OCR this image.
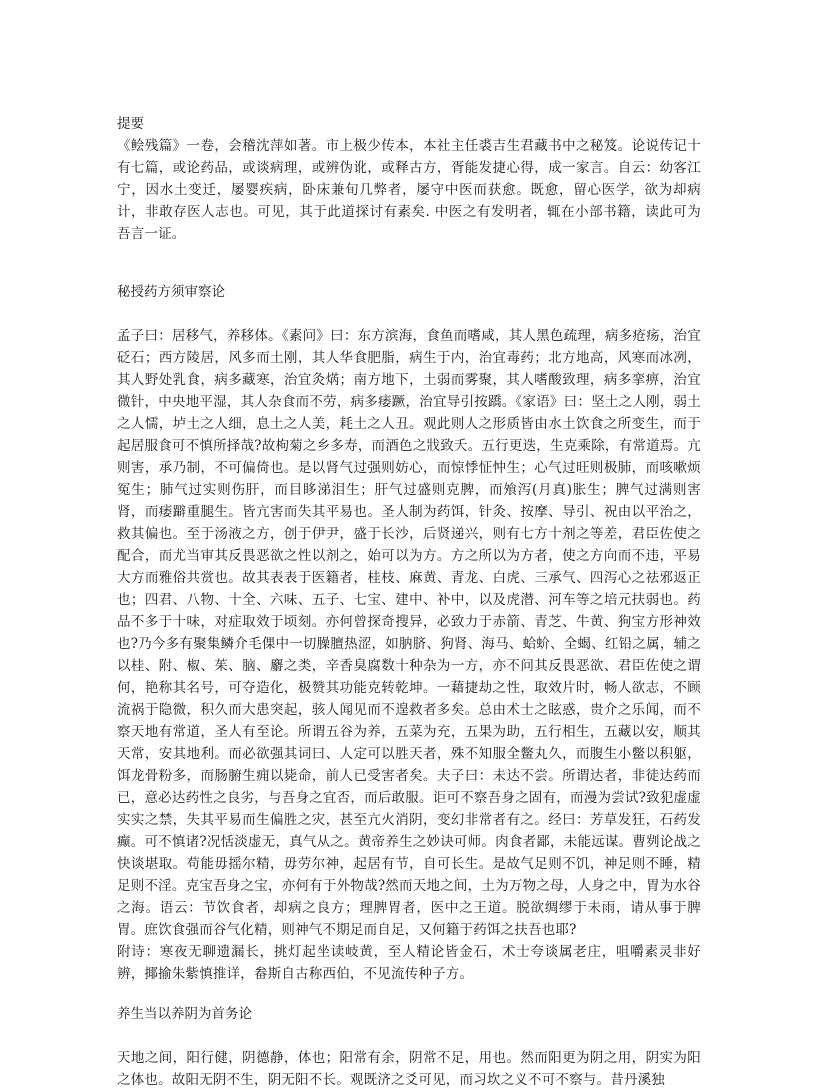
提要

《鲙残篇》一卷，会稽沈萍如著。市上极少传本，本社主任裘吉生君藏书中之秘笈。论说传记十有七篇，或论药品，或谈病理，或辨伪讹，或释古方，胥能发捷心得，成一家言。自云：幼客江宁，因水土变迁，屡婴疾病，卧床兼旬几弊者，屡守中医而获愈。既愈，留心医学，欲为却病计，非敢存医人志也。可见，其于此道探讨有素矣. 中医之有发明者，辄在小部书籍，读此可为吾言一证。

秘授药方须审察论

孟子曰：居移气，养移体。《素问》曰：东方滨海，食鱼而嗜咸，其人黑色疏理，病多疮疡，治宜砭石；西方陵居，风多而土刚，其人华食肥脂，病生于内，治宜毒药；北方地高，风寒而冰冽，其人野处乳食，病多藏寒，治宜灸焫；南方地下，土弱而雾聚，其人嗜酸致理，病多挛痹，治宜微针，中央地平湿，其人杂食而不劳，病多痿蹶，治宜导引按蹻。《家语》曰：坚土之人刚，弱土之人懦，垆土之人细，息土之人美，耗土之人丑。观此则人之形质皆由水土饮食之所变生，而于起居服食可不慎所择哉?故枸菊之乡多寿，而酒色之戕致夭。五行更迭，生克乘除，有常道焉。亢则害，承乃制，不可偏倚也。是以肾气过强则妨心，而惊悸怔忡生；心气过旺则极肺，而咳嗽烦冤生；肺气过实则伤肝，而目眵涕泪生；肝气过盛则克脾，而飧泻(月真)胀生；脾气过满则害肾，而痿躃重腿生。皆亢害而失其平易也。圣人制为药饵，针灸、按摩、导引、祝由以平治之，救其偏也。至于汤液之方，创于伊尹，盛于长沙，后贤递兴，则有七方十剂之等差，君臣佐使之配合，而尤当审其反畏恶欲之性以剂之，始可以为方。方之所以为方者，使之方向而不违，平易大方而雅俗共赏也。故其表表于医籍者，桂枝、麻黄、青龙、白虎、三承气、四泻心之祛邪返正也；四君、八物、十全、六味、五子、七宝、建中、补中，以及虎潜、河车等之培元扶弱也。药品不多于十味，对症取效于顷刻。亦何曾探奇搜异，必致力于赤箭、青芝、牛黄、狗宝方形神效也?乃今多有聚集鳞介毛倮中一切臊膻热涩，如肭脐、狗肾、海马、蛤蚧、全蝎、红铅之属，辅之以桂、附、椒、茱、脑、麝之类，辛香臭腐数十种杂为一方，亦不问其反畏恶欲、君臣佐使之谓何，艳称其名号，可夺造化，极赞其功能克转乾坤。一藉捷劫之性，取效片时，畅人欲志，不顾流祸于隐微，积久而大患突起，骇人闻见而不遑救者多矣。总由术士之眩惑，贵介之乐闻，而不察天地有常道，圣人有至论。所谓五谷为养，五菜为充，五果为助，五行相生，五藏以安，顺其天常，安其地利。而必欲强其词曰、人定可以胜天者，殊不知服全鳖丸久，而腹生小鳖以积躯，饵龙骨粉多，而肠腑生痈以毙命，前人已受害者矣。夫子曰：未达不尝。所谓达者，非徒达药而已，意必达药性之良劣，与吾身之宜否，而后敢服。讵可不察吾身之固有，而漫为尝试?致犯虚虚实实之禁，失其平易而生偏胜之灾，甚至亢火消阴，变幻非常者有之。经曰：芳草发狂，石药发癫。可不慎诸?况恬淡虚无，真气从之。黄帝养生之妙诀可师。肉食者鄙，未能远谋。曹刿论战之快谈堪取。苟能毋摇尔精，毋劳尔神，起居有节，自可长生。是故气足则不饥，神足则不睡，精足则不淫。克宝吾身之宝，亦何有于外物哉?然而天地之间，土为万物之母，人身之中，胃为水谷之海。语云：节饮食者，却病之良方；理脾胃者，医中之王道。脱欲绸缪于未雨，请从事于脾胃。庶饮食强而谷气化精，则神气不期足而自足，又何籍于药饵之扶吾也耶?

附诗：寒夜无聊遗漏长，挑灯起坐读岐黄，至人精论皆金石，术士夸谈属老庄，咀嚼素灵非好辨，揶揄朱紫慎推详，畚斯自古称西伯，不见流传种子方。

养生当以养阴为首务论

天地之间，阳行健，阴德静，体也；阳常有余，阴常不足，用也。然而阳更为阴之用，阴实为阳之体也。故阳无阴不生，阴无阳不长。观既济之爻可见，而习坎之义不可不察与。昔丹溪独
